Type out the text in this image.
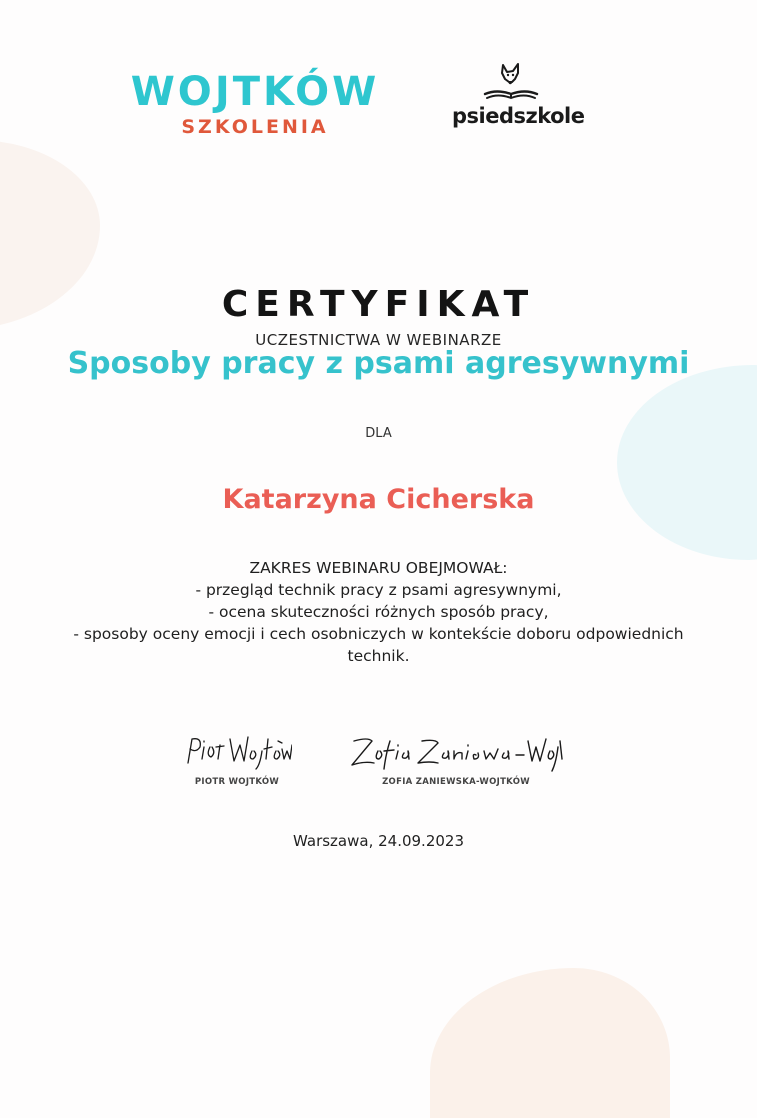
WOJTKÓW
SZKOLENIA	psiedszkole
CERTYFIKAT
UCZESTNICTWA W WEBINARZE
Sposoby pracy z psami agresywnymi
DLA
Katarzyna Cicherska
ZAKRES WEBINARU OBEJMOWAŁ:
- przegląd technik pracy z psami agresywnymi,
- ocena skuteczności różnych sposób pracy,
- sposoby oceny emocji i cech osobniczych w kontekście doboru odpowiednich
technik.
PIOTR WOJTKÓW	ZOFIA ZANIEWSKA-WOJTKÓW
Warszawa, 24.09.2023
